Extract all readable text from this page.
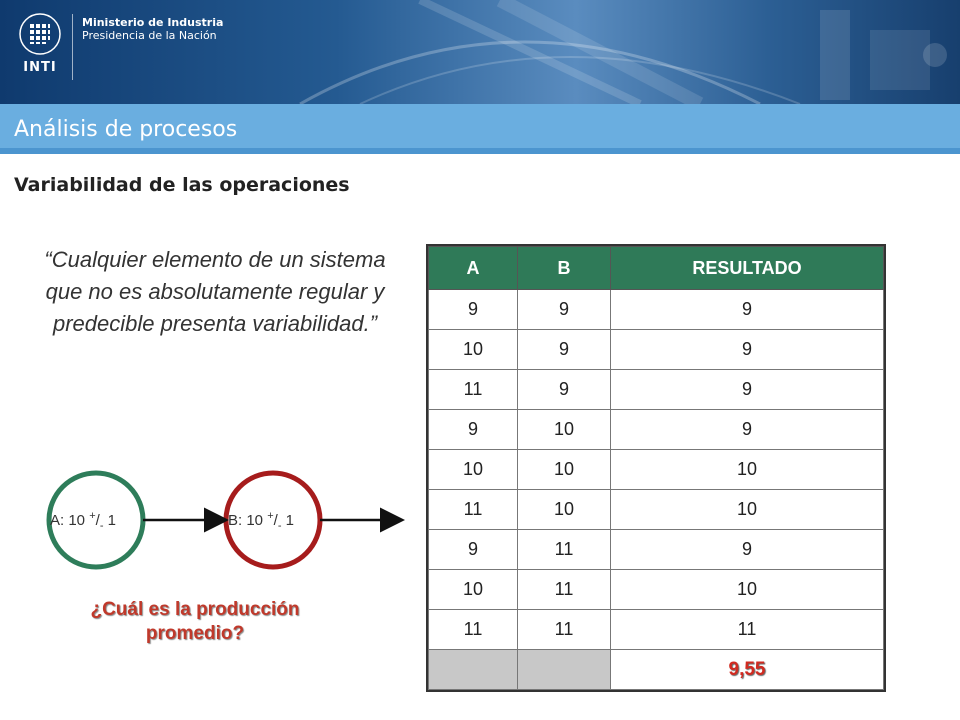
INTI
Ministerio de Industria
Presidencia de la Nación
Análisis de procesos
Variabilidad de las operaciones
“Cualquier elemento de un sistema que no es absolutamente regular y predecible presenta variabilidad.”
A: 10 $^+/_-$ 1	B: 10 $^+/_-$ 1
¿Cuál es la producción
promedio?
A	B	RESULTADO
9	9	9
10	9	9
11	9	9
9	10	9
10	10	10
11	10	10
9	11	9
10	11	10
11	11	11
		9,55
